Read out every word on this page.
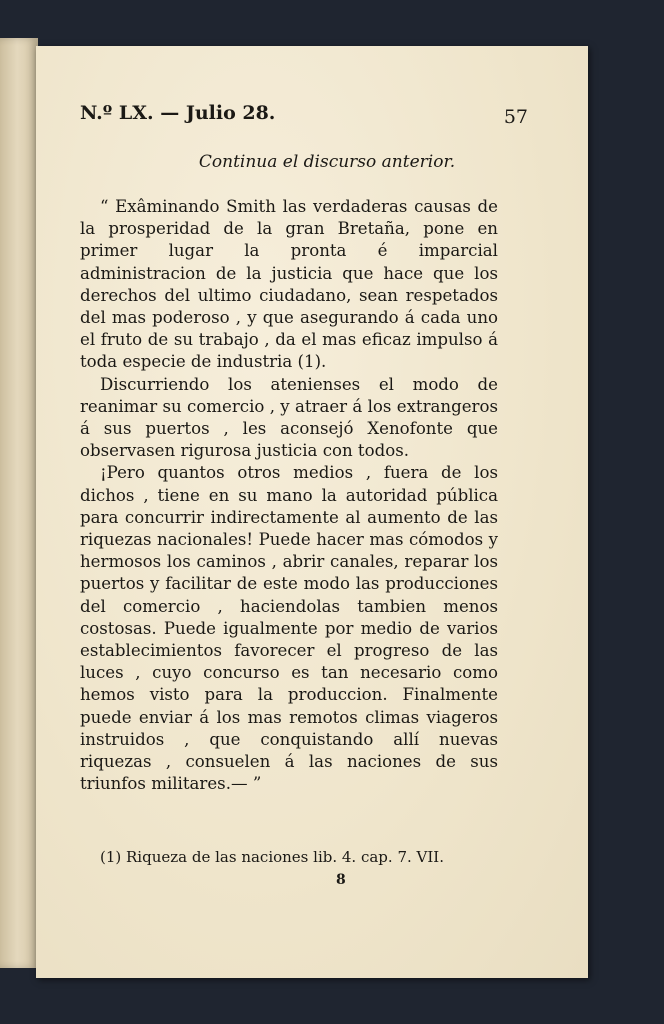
N.º LX. — Julio 28.	57
Continua el discurso anterior.

“ Exâminando Smith las verdaderas causas de la prosperidad de la gran Bretaña, pone en primer lugar la pronta é imparcial administracion de la justicia que hace que los derechos del ultimo ciudadano, sean respetados del mas poderoso , y que asegurando á cada uno el fruto de su trabajo , da el mas eficaz impulso á toda especie de industria (1).

Discurriendo los atenienses el modo de reanimar su comercio , y atraer á los extrangeros á sus puertos , les aconsejó Xenofonte que observasen rigurosa justicia con todos.

¡Pero quantos otros medios , fuera de los dichos , tiene en su mano la autoridad pública para concurrir indirectamente al aumento de las riquezas nacionales! Puede hacer mas cómodos y hermosos los caminos , abrir canales, reparar los puertos y facilitar de este modo las producciones del comercio , haciendolas tambien menos costosas. Puede igualmente por medio de varios establecimientos favorecer el progreso de las luces , cuyo concurso es tan necesario como hemos visto para la produccion. Finalmente puede enviar á los mas remotos climas viageros instruidos , que conquistando allí nuevas riquezas , consuelen á las naciones de sus triunfos militares.— ”

(1) Riqueza de las naciones lib. 4. cap. 7. VII.
8
